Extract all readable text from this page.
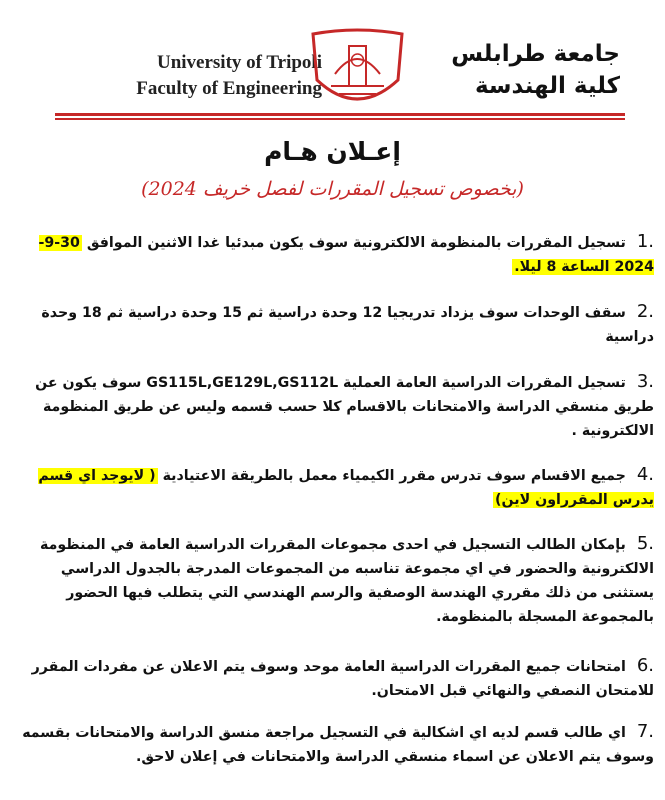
University of Tripoli
Faculty of Engineering
جامعة طرابلس
كلية الهندسة
إعـلان هـام
(بخصوص تسجيل المقررات لفصل خريف 2024)
.1 تسجيل المقررات بالمنظومة الالكترونية سوف يكون مبدئيا غدا الاثنين الموافق 30-9-2024 الساعة 8 ليلا.
.2 سقف الوحدات سوف يزداد تدريجيا 12 وحدة دراسية ثم 15 وحدة دراسية ثم 18 وحدة دراسية
.3 تسجيل المقررات الدراسية العامة العملية GS115L,GE129L,GS112L سوف يكون عن طريق منسقي الدراسة والامتحانات بالاقسام كلا حسب قسمه وليس عن طريق المنظومة الالكترونية .
.4 جميع الاقسام سوف تدرس مقرر الكيمياء معمل بالطريقة الاعتيادية ( لايوجد اي قسم يدرس المقرراون لاين)
.5 بإمكان الطالب التسجيل في احدى مجموعات المقررات الدراسية العامة في المنظومة الالكترونية والحضور في اي مجموعة تناسبه من المجموعات المدرجة بالجدول الدراسي يستثنى من ذلك مقرري الهندسة الوصفية والرسم الهندسي التي يتطلب فيها الحضور بالمجموعة المسجلة بالمنظومة.
.6 امتحانات جميع المقررات الدراسية العامة موحد وسوف يتم الاعلان عن مفردات المقرر للامتحان النصفي والنهائي قبل الامتحان.
.7 اي طالب قسم لديه اي اشكالية في التسجيل مراجعة منسق الدراسة والامتحانات بقسمه وسوف يتم الاعلان عن اسماء منسقي الدراسة والامتحانات في إعلان لاحق.
